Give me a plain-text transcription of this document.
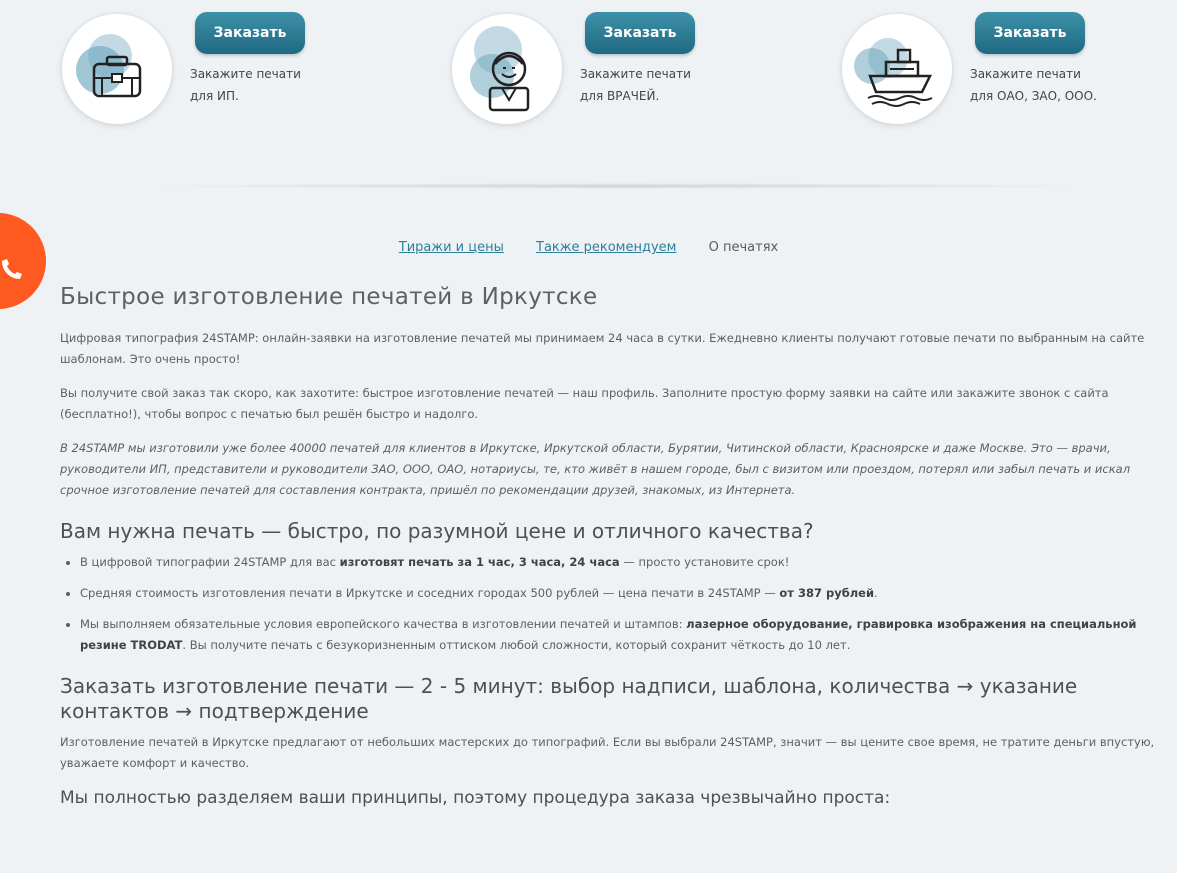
Заказать

Закажите печати
для ИП.

Заказать

Закажите печати
для ВРАЧЕЙ.

Заказать

Закажите печати
для ОАО, ЗАО, ООО.

Тиражи и цены Также рекомендуем О печатях
Быстрое изготовление печатей в Иркутске

Цифровая типография 24STAMP: онлайн-заявки на изготовление печатей мы принимаем 24 часа в сутки. Ежедневно клиенты получают готовые печати по выбранным на сайте шаблонам. Это очень просто!

Вы получите свой заказ так скоро, как захотите: быстрое изготовление печатей — наш профиль. Заполните простую форму заявки на сайте или закажите звонок с сайта (бесплатно!), чтобы вопрос с печатью был решён быстро и надолго.

В 24STAMP мы изготовили уже более 40000 печатей для клиентов в Иркутске, Иркутской области, Бурятии, Читинской области, Красноярске и даже Москве. Это — врачи, руководители ИП, представители и руководители ЗАО, ООО, ОАО, нотариусы, те, кто живёт в нашем городе, был с визитом или проездом, потерял или забыл печать и искал срочное изготовление печатей для составления контракта, пришёл по рекомендации друзей, знакомых, из Интернета.

Вам нужна печать — быстро, по разумной цене и отличного качества?
• В цифровой типографии 24STAMP для вас изготовят печать за 1 час, 3 часа, 24 часа — просто установите срок!
• Средняя стоимость изготовления печати в Иркутске и соседних городах 500 рублей — цена печати в 24STAMP — от 387 рублей.
• Мы выполняем обязательные условия европейского качества в изготовлении печатей и штампов: лазерное оборудование, гравировка изображения на специальной резине TRODAT. Вы получите печать с безукоризненным оттиском любой сложности, который сохранит чёткость до 10 лет.
Заказать изготовление печати — 2 - 5 минут: выбор надписи, шаблона, количества → указание контактов → подтверждение

Изготовление печатей в Иркутске предлагают от небольших мастерских до типографий. Если вы выбрали 24STAMP, значит — вы цените свое время, не тратите деньги впустую, уважаете комфорт и качество.

Мы полностью разделяем ваши принципы, поэтому процедура заказа чрезвычайно проста:
